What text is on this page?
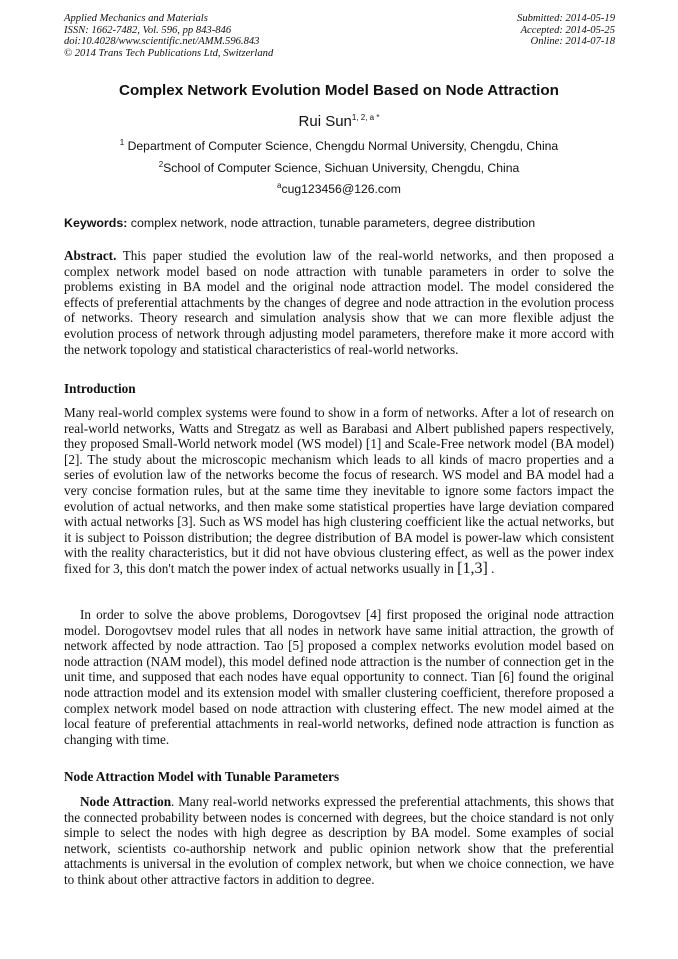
Applied Mechanics and Materials
ISSN: 1662-7482, Vol. 596, pp 843-846
doi:10.4028/www.scientific.net/AMM.596.843
© 2014 Trans Tech Publications Ltd, Switzerland
Submitted: 2014-05-19
Accepted: 2014-05-25
Online: 2014-07-18
Complex Network Evolution Model Based on Node Attraction
Rui Sun$^{1, 2, a *}$
$^1$ Department of Computer Science, Chengdu Normal University, Chengdu, China
$^2$School of Computer Science, Sichuan University, Chengdu, China
$^a$cug123456@126.com
Keywords: complex network, node attraction, tunable parameters, degree distribution
Abstract. This paper studied the evolution law of the real-world networks, and then proposed a complex network model based on node attraction with tunable parameters in order to solve the problems existing in BA model and the original node attraction model. The model considered the effects of preferential attachments by the changes of degree and node attraction in the evolution process of networks. Theory research and simulation analysis show that we can more flexible adjust the evolution process of network through adjusting model parameters, therefore make it more accord with the network topology and statistical characteristics of real-world networks.
Introduction
Many real-world complex systems were found to show in a form of networks. After a lot of research on real-world networks, Watts and Stregatz as well as Barabasi and Albert published papers respectively, they proposed Small-World network model (WS model) [1] and Scale-Free network model (BA model) [2]. The study about the microscopic mechanism which leads to all kinds of macro properties and a series of evolution law of the networks become the focus of research. WS model and BA model had a very concise formation rules, but at the same time they inevitable to ignore some factors impact the evolution of actual networks, and then make some statistical properties have large deviation compared with actual networks [3]. Such as WS model has high clustering coefficient like the actual networks, but it is subject to Poisson distribution; the degree distribution of BA model is power-law which consistent with the reality characteristics, but it did not have obvious clustering effect, as well as the power index fixed for 3, this don't match the power index of actual networks usually in [1,3] .
In order to solve the above problems, Dorogovtsev [4] first proposed the original node attraction model. Dorogovtsev model rules that all nodes in network have same initial attraction, the growth of network affected by node attraction. Tao [5] proposed a complex networks evolution model based on node attraction (NAM model), this model defined node attraction is the number of connection get in the unit time, and supposed that each nodes have equal opportunity to connect. Tian [6] found the original node attraction model and its extension model with smaller clustering coefficient, therefore proposed a complex network model based on node attraction with clustering effect. The new model aimed at the local feature of preferential attachments in real-world networks, defined node attraction is function as changing with time.
Node Attraction Model with Tunable Parameters
Node Attraction. Many real-world networks expressed the preferential attachments, this shows that the connected probability between nodes is concerned with degrees, but the choice standard is not only simple to select the nodes with high degree as description by BA model. Some examples of social network, scientists co-authorship network and public opinion network show that the preferential attachments is universal in the evolution of complex network, but when we choice connection, we have to think about other attractive factors in addition to degree.
